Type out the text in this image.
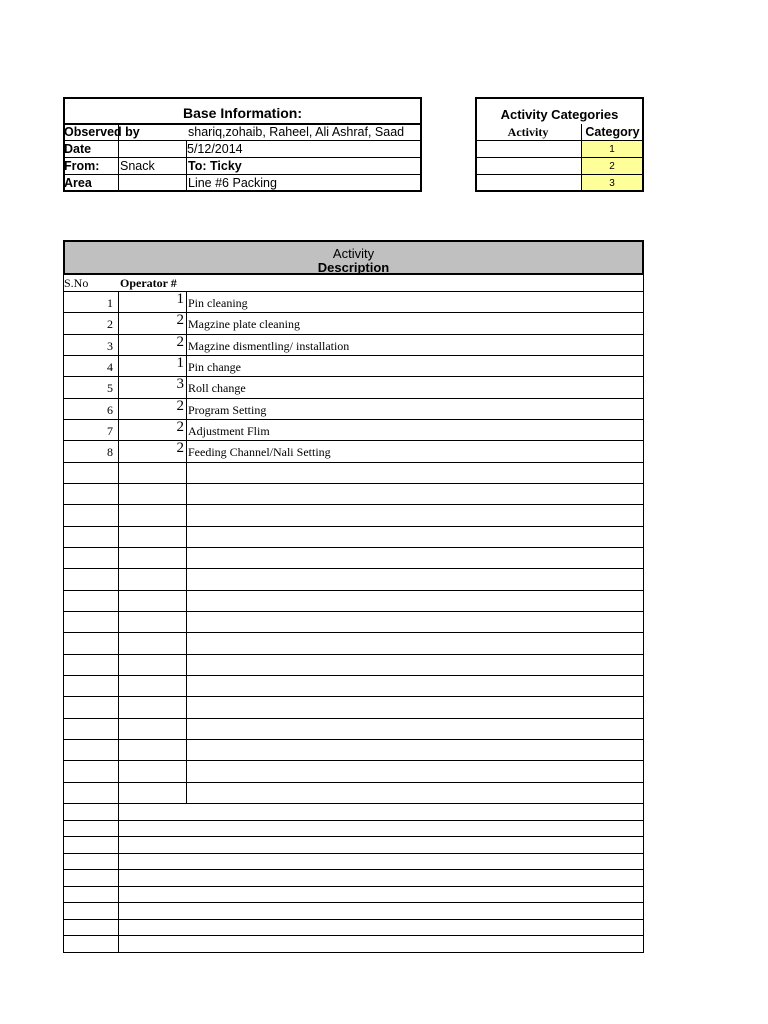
Base Information:
Observed by	shariq,zohaib, Raheel, Ali Ashraf, Saad
Date	5/12/2014
From: Snack	To: Ticky
Area	Line #6 Packing
Activity Categories
Activity	Category
1
2
3
Activity
Description
S.No	Operator #
1	1 Pin cleaning
2	2 Magzine plate cleaning
3	2 Magzine dismentling/ installation
4	1 Pin change
5	3 Roll change
6	2 Program Setting
7	2 Adjustment Flim
8	2 Feeding Channel/Nali Setting
